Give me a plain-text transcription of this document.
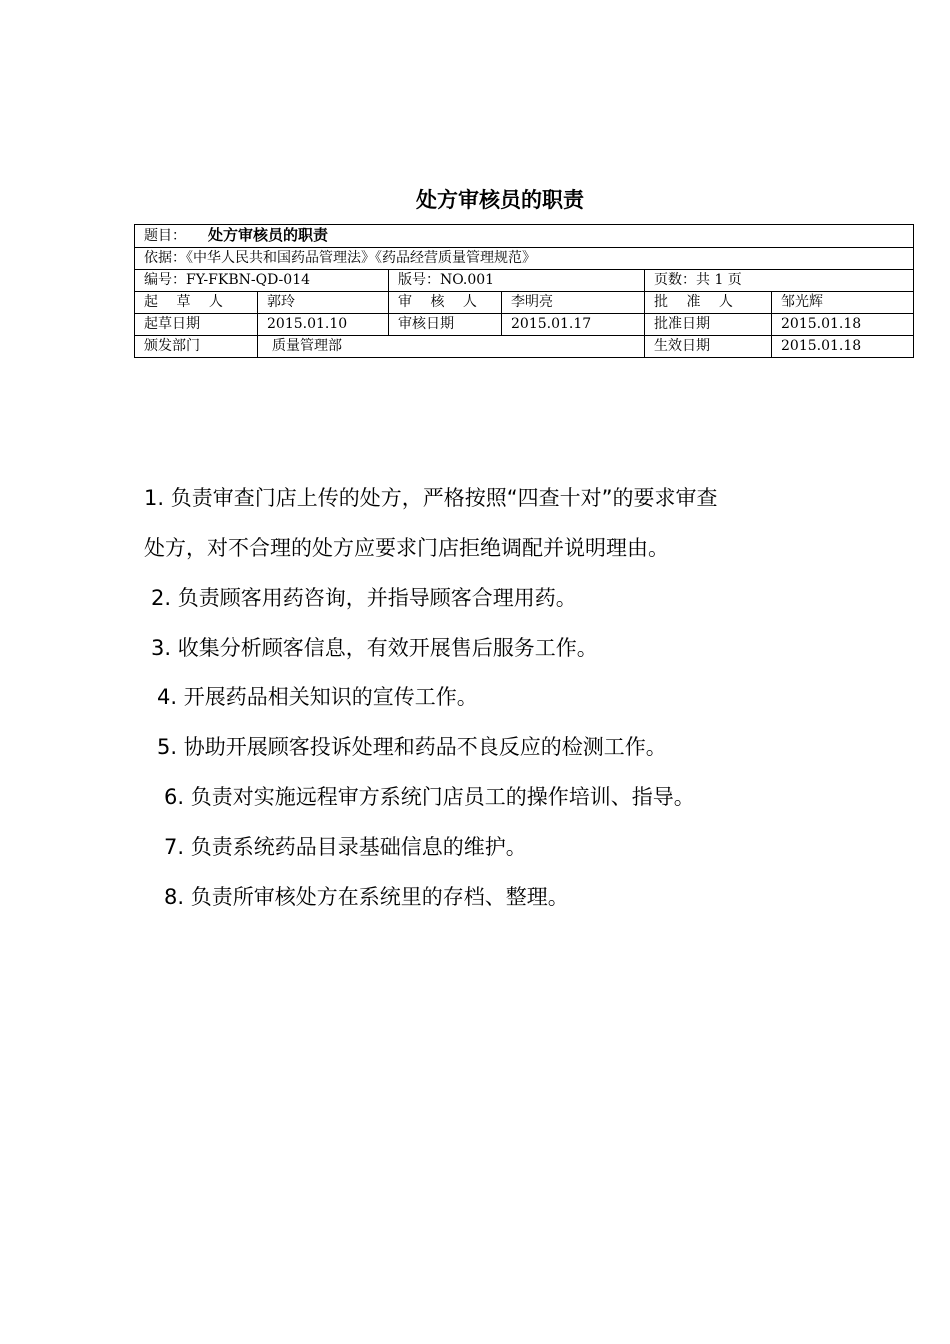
处方审核员的职责
题目： 处方审核员的职责					
依据：《中华人民共和国药品管理法》《药品经营质量管理规范》					
编号：FY-FKBN-QD-014		版号：NO.001		页数：共 1 页	
起 草 人	郭玲	审 核 人	李明亮	批 准 人	邹光辉
起草日期	2015.01.10	审核日期	2015.01.17	批准日期	2015.01.18
颁发部门	质量管理部			生效日期	2015.01.18
1. 负责审查门店上传的处方，严格按照“四查十对”的要求审查
处方，对不合理的处方应要求门店拒绝调配并说明理由。
2. 负责顾客用药咨询，并指导顾客合理用药。
3. 收集分析顾客信息，有效开展售后服务工作。
4. 开展药品相关知识的宣传工作。
5. 协助开展顾客投诉处理和药品不良反应的检测工作。
6. 负责对实施远程审方系统门店员工的操作培训、指导。
7. 负责系统药品目录基础信息的维护。
8. 负责所审核处方在系统里的存档、整理。
